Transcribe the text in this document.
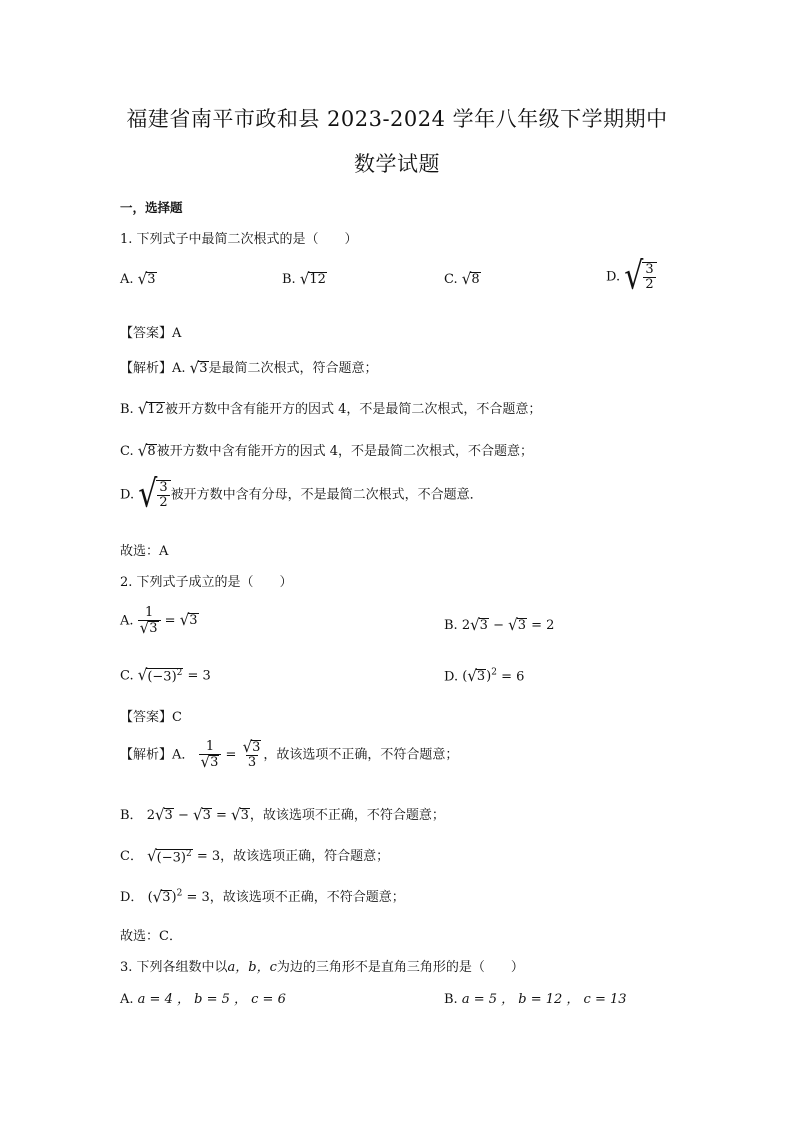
福建省南平市政和县 2023-2024 学年八年级下学期期中
数学试题
一，选择题
1. 下列式子中最简二次根式的是（　　）
A. √ 3	B. √ 12	C. √ 8	D. √ $\frac{3}{2}$
【答案】A
【解析】A. √ 3 是最简二次根式，符合题意；
B. √ 12 被开方数中含有能开方的因式 4，不是最简二次根式，不合题意；
C. √ 8 被开方数中含有能开方的因式 4，不是最简二次根式，不合题意；
D. √ $\frac{3}{2}$ 被开方数中含有分母，不是最简二次根式，不合题意．
故选：A
2. 下列式子成立的是（　　）
A. $\frac{1}{√ 3}$ = √ 3	B. 2 √ 3 − √ 3 = 2
C. √ $(-3)^2 = 3$	D. ( √ 3 )$^2$ = 6
【答案】C
【解析】A． $\frac{1}{√ 3} = \frac{√ 3}{3}$ ，故该选项不正确，不符合题意；
B． 2 √ 3 − √ 3 = √ 3 ，故该选项不正确，不符合题意；
C． √ $(-3)^2 = 3$，故该选项正确，符合题意；
D． ( √ 3 )$^2$ = 3，故该选项不正确，不符合题意；
故选：C．
3. 下列各组数中以a，b，c为边的三角形不是直角三角形的是（　　）
A. a = 4 ， b = 5 ， c = 6	B. a = 5 ， b = 12 ， c = 13
